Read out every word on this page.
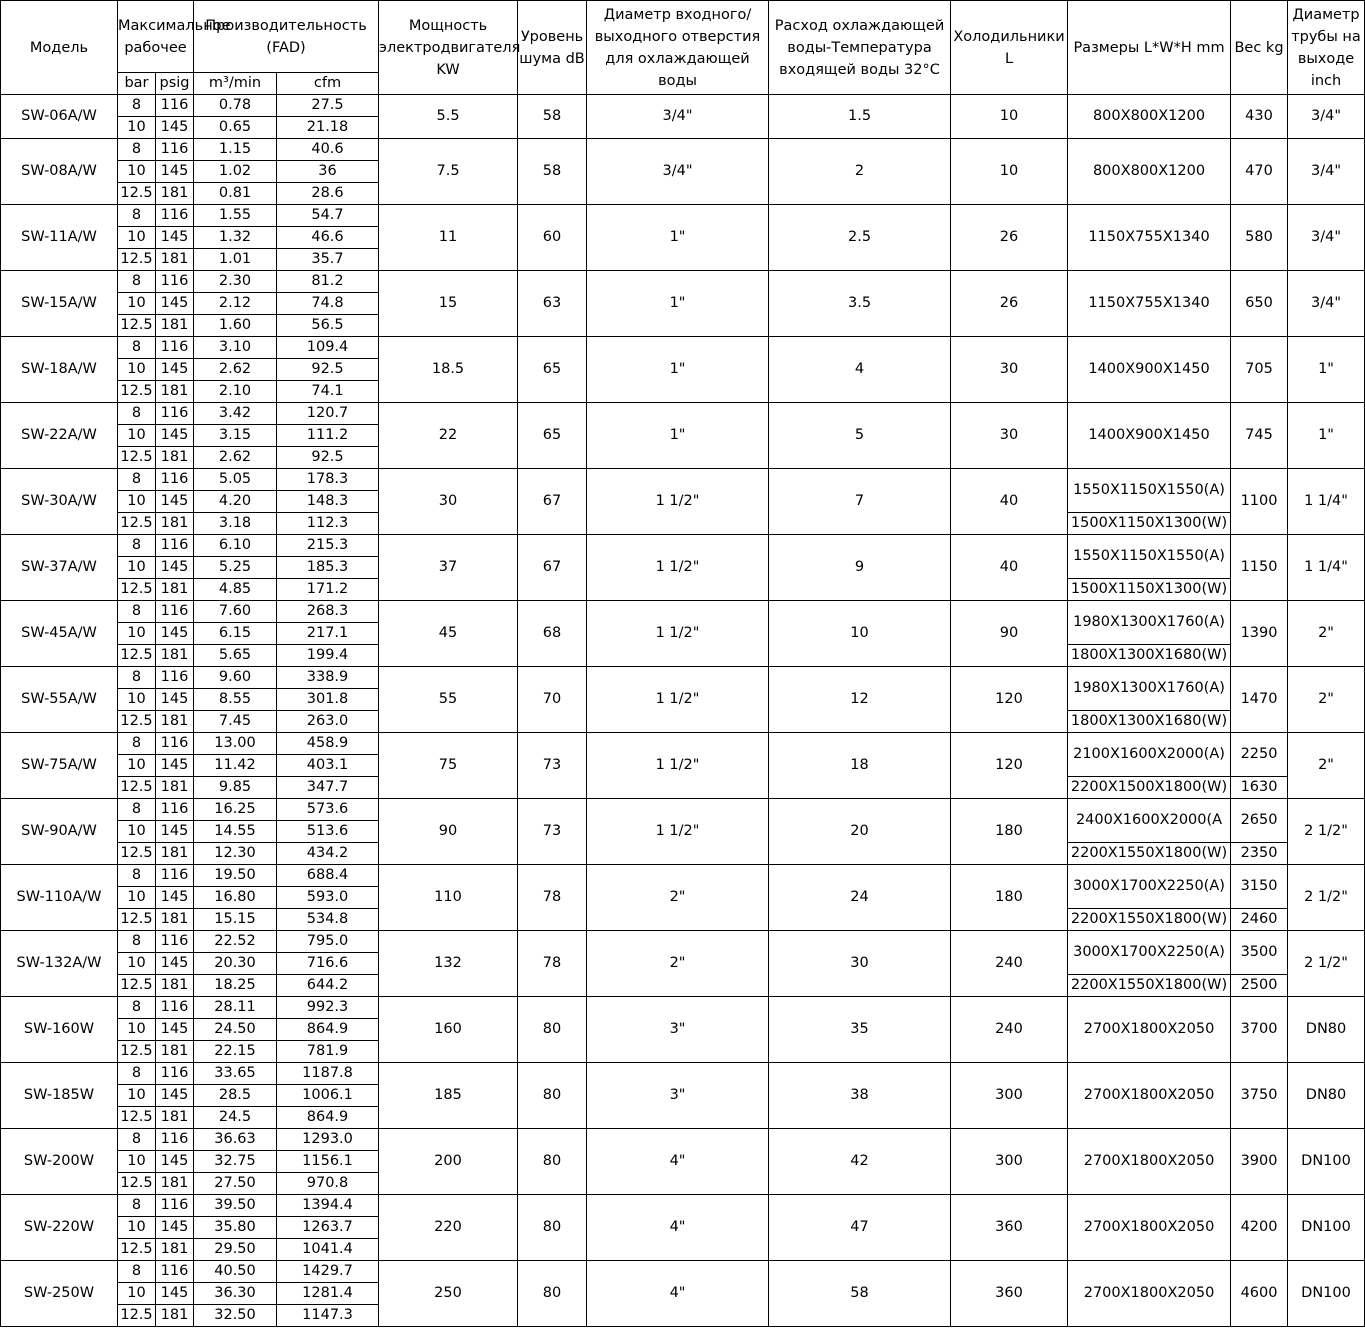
Модель	Максимальное рабочее		Производительность (FAD)		Мощность электродвигателя KW	Уровень шума dB	Диаметр входного/выходного отверстия для охлаждающей воды	Расход охлаждающей воды-Температура входящей воды 32°C	Холодильники L	Размеры L*W*H mm	Вес kg	Диаметр трубы на выходе inch
	bar	psig	m³/min	cfm								
SW-06A/W	8	116	0.78	27.5	5.5	58	3/4"	1.5	10	800X800X1200	430	3/4"
	10	145	0.65	21.18								
SW-08A/W	8	116	1.15	40.6	7.5	58	3/4"	2	10	800X800X1200	470	3/4"
	10	145	1.02	36								
	12.5	181	0.81	28.6								
SW-11A/W	8	116	1.55	54.7	11	60	1"	2.5	26	1150X755X1340	580	3/4"
	10	145	1.32	46.6								
	12.5	181	1.01	35.7								
SW-15A/W	8	116	2.30	81.2	15	63	1"	3.5	26	1150X755X1340	650	3/4"
	10	145	2.12	74.8								
	12.5	181	1.60	56.5								
SW-18A/W	8	116	3.10	109.4	18.5	65	1"	4	30	1400X900X1450	705	1"
	10	145	2.62	92.5								
	12.5	181	2.10	74.1								
SW-22A/W	8	116	3.42	120.7	22	65	1"	5	30	1400X900X1450	745	1"
	10	145	3.15	111.2								
	12.5	181	2.62	92.5								
SW-30A/W	8	116	5.05	178.3	30	67	1 1/2"	7	40	1550X1150X1550(A)	1100	1 1/4"
	10	145	4.20	148.3								
	12.5	181	3.18	112.3						1500X1150X1300(W)		
SW-37A/W	8	116	6.10	215.3	37	67	1 1/2"	9	40	1550X1150X1550(A)	1150	1 1/4"
	10	145	5.25	185.3								
	12.5	181	4.85	171.2						1500X1150X1300(W)		
SW-45A/W	8	116	7.60	268.3	45	68	1 1/2"	10	90	1980X1300X1760(A)	1390	2"
	10	145	6.15	217.1								
	12.5	181	5.65	199.4						1800X1300X1680(W)		
SW-55A/W	8	116	9.60	338.9	55	70	1 1/2"	12	120	1980X1300X1760(A)	1470	2"
	10	145	8.55	301.8								
	12.5	181	7.45	263.0						1800X1300X1680(W)		
SW-75A/W	8	116	13.00	458.9	75	73	1 1/2"	18	120	2100X1600X2000(A)	2250	2"
	10	145	11.42	403.1								
	12.5	181	9.85	347.7						2200X1500X1800(W)	1630	
SW-90A/W	8	116	16.25	573.6	90	73	1 1/2"	20	180	2400X1600X2000(A	2650	2 1/2"
	10	145	14.55	513.6								
	12.5	181	12.30	434.2						2200X1550X1800(W)	2350	
SW-110A/W	8	116	19.50	688.4	110	78	2"	24	180	3000X1700X2250(A)	3150	2 1/2"
	10	145	16.80	593.0								
	12.5	181	15.15	534.8						2200X1550X1800(W)	2460	
SW-132A/W	8	116	22.52	795.0	132	78	2"	30	240	3000X1700X2250(A)	3500	2 1/2"
	10	145	20.30	716.6								
	12.5	181	18.25	644.2						2200X1550X1800(W)	2500	
SW-160W	8	116	28.11	992.3	160	80	3"	35	240	2700X1800X2050	3700	DN80
	10	145	24.50	864.9								
	12.5	181	22.15	781.9								
SW-185W	8	116	33.65	1187.8	185	80	3"	38	300	2700X1800X2050	3750	DN80
	10	145	28.5	1006.1								
	12.5	181	24.5	864.9								
SW-200W	8	116	36.63	1293.0	200	80	4"	42	300	2700X1800X2050	3900	DN100
	10	145	32.75	1156.1								
	12.5	181	27.50	970.8								
SW-220W	8	116	39.50	1394.4	220	80	4"	47	360	2700X1800X2050	4200	DN100
	10	145	35.80	1263.7								
	12.5	181	29.50	1041.4								
SW-250W	8	116	40.50	1429.7	250	80	4"	58	360	2700X1800X2050	4600	DN100
	10	145	36.30	1281.4								
	12.5	181	32.50	1147.3								
